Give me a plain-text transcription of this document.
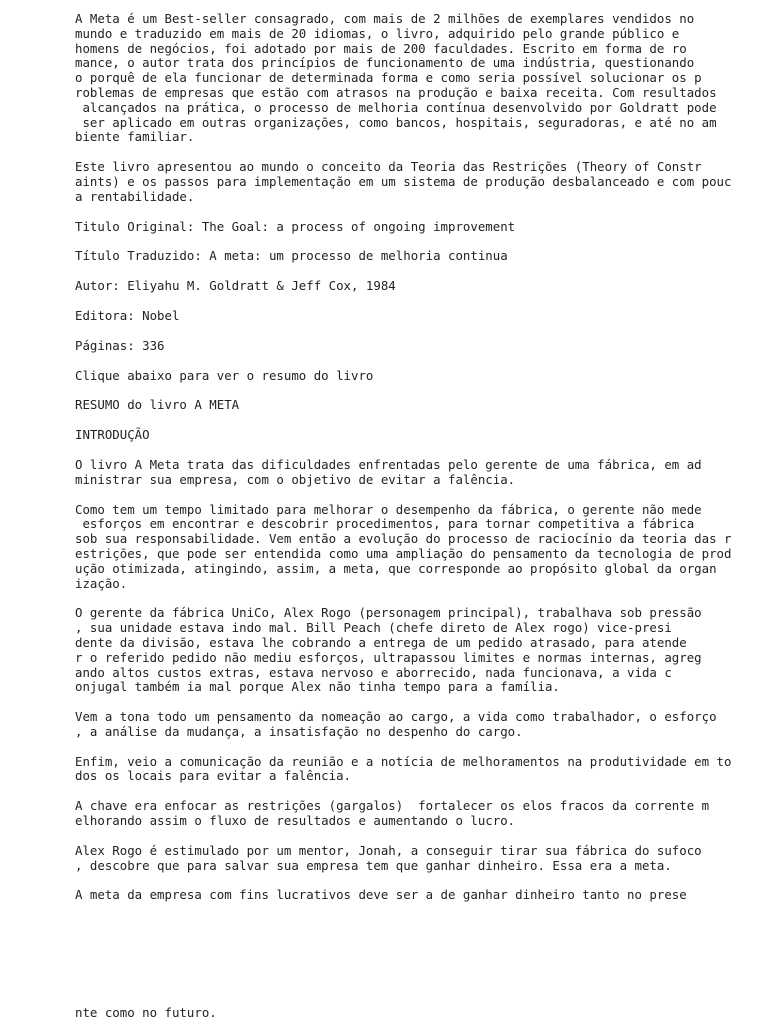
A Meta é um Best-seller consagrado, com mais de 2 milhões de exemplares vendidos no
mundo e traduzido em mais de 20 idiomas, o livro, adquirido pelo grande público e
homens de negócios, foi adotado por mais de 200 faculdades. Escrito em forma de ro
mance, o autor trata dos princípios de funcionamento de uma indústria, questionando
o porquê de ela funcionar de determinada forma e como seria possível solucionar os p
roblemas de empresas que estão com atrasos na produção e baixa receita. Com resultados
alcançados na prática, o processo de melhoria contínua desenvolvido por Goldratt pode
ser aplicado em outras organizações, como bancos, hospitais, seguradoras, e até no am
biente familiar.

Este livro apresentou ao mundo o conceito da Teoria das Restrições (Theory of Constr
aints) e os passos para implementação em um sistema de produção desbalanceado e com pouc
a rentabilidade.

Titulo Original: The Goal: a process of ongoing improvement

Título Traduzido: A meta: um processo de melhoria continua

Autor: Eliyahu M. Goldratt & Jeff Cox, 1984

Editora: Nobel

Páginas: 336

Clique abaixo para ver o resumo do livro

RESUMO do livro A META

INTRODUÇÃO

O livro A Meta trata das dificuldades enfrentadas pelo gerente de uma fábrica, em ad
ministrar sua empresa, com o objetivo de evitar a falência.

Como tem um tempo limitado para melhorar o desempenho da fábrica, o gerente não mede
esforços em encontrar e descobrir procedimentos, para tornar competitiva a fábrica
sob sua responsabilidade. Vem então a evolução do processo de raciocínio da teoria das r
estrições, que pode ser entendida como uma ampliação do pensamento da tecnologia de prod
ução otimizada, atingindo, assim, a meta, que corresponde ao propósito global da organ
ização.

O gerente da fábrica UniCo, Alex Rogo (personagem principal), trabalhava sob pressão
, sua unidade estava indo mal. Bill Peach (chefe direto de Alex rogo) vice-presi
dente da divisão, estava lhe cobrando a entrega de um pedido atrasado, para atende
r o referido pedido não mediu esforços, ultrapassou limites e normas internas, agreg
ando altos custos extras, estava nervoso e aborrecido, nada funcionava, a vida c
onjugal também ia mal porque Alex não tinha tempo para a família.

Vem a tona todo um pensamento da nomeação ao cargo, a vida como trabalhador, o esforço
, a análise da mudança, a insatisfação no despenho do cargo.

Enfim, veio a comunicação da reunião e a notícia de melhoramentos na produtividade em to
dos os locais para evitar a falência.

A chave era enfocar as restrições (gargalos)  fortalecer os elos fracos da corrente m
elhorando assim o fluxo de resultados e aumentando o lucro.

Alex Rogo é estimulado por um mentor, Jonah, a conseguir tirar sua fábrica do sufoco
, descobre que para salvar sua empresa tem que ganhar dinheiro. Essa era a meta.

A meta da empresa com fins lucrativos deve ser a de ganhar dinheiro tanto no prese

nte como no futuro.
